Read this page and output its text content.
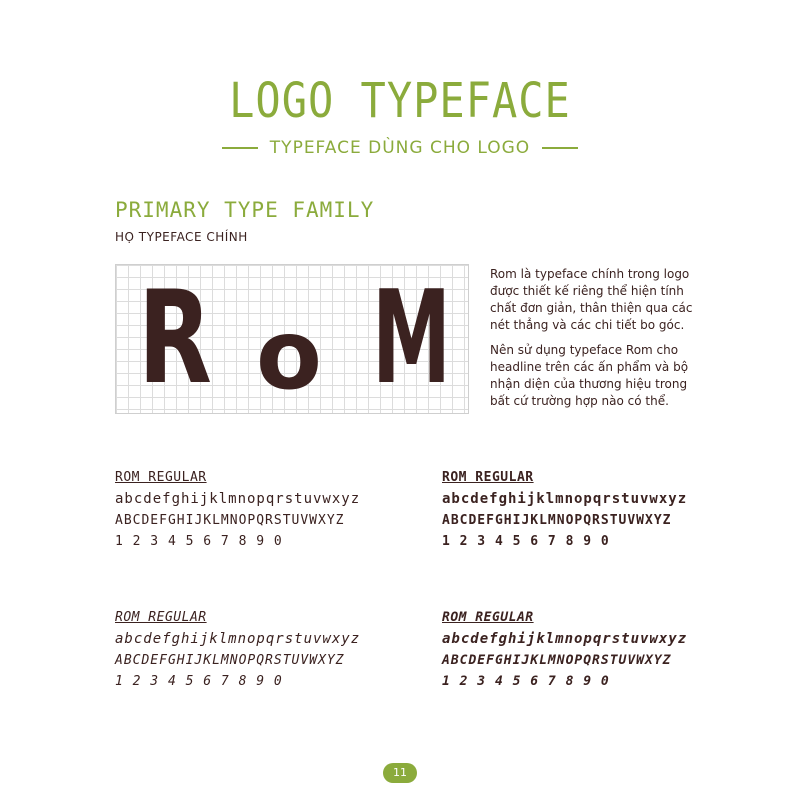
LOGO TYPEFACE
TYPEFACE DÙNG CHO LOGO
PRIMARY TYPE FAMILY
HỌ TYPEFACE CHÍNH
R o M	Rom là typeface chính trong logo được thiết kế riêng thể hiện tính chất đơn giản, thân thiện qua các nét thẳng và các chi tiết bo góc.

Nên sử dụng typeface Rom cho headline trên các ấn phẩm và bộ nhận diện của thương hiệu trong bất cứ trường hợp nào có thể.

ROM REGULAR
abcdefghijklmnopqrstuvwxyz
ABCDEFGHIJKLMNOPQRSTUVWXYZ
1 2 3 4 5 6 7 8 9 0
ROM REGULAR
abcdefghijklmnopqrstuvwxyz
ABCDEFGHIJKLMNOPQRSTUVWXYZ
1 2 3 4 5 6 7 8 9 0
ROM REGULAR
abcdefghijklmnopqrstuvwxyz
ABCDEFGHIJKLMNOPQRSTUVWXYZ
1 2 3 4 5 6 7 8 9 0
ROM REGULAR
abcdefghijklmnopqrstuvwxyz
ABCDEFGHIJKLMNOPQRSTUVWXYZ
1 2 3 4 5 6 7 8 9 0
11
